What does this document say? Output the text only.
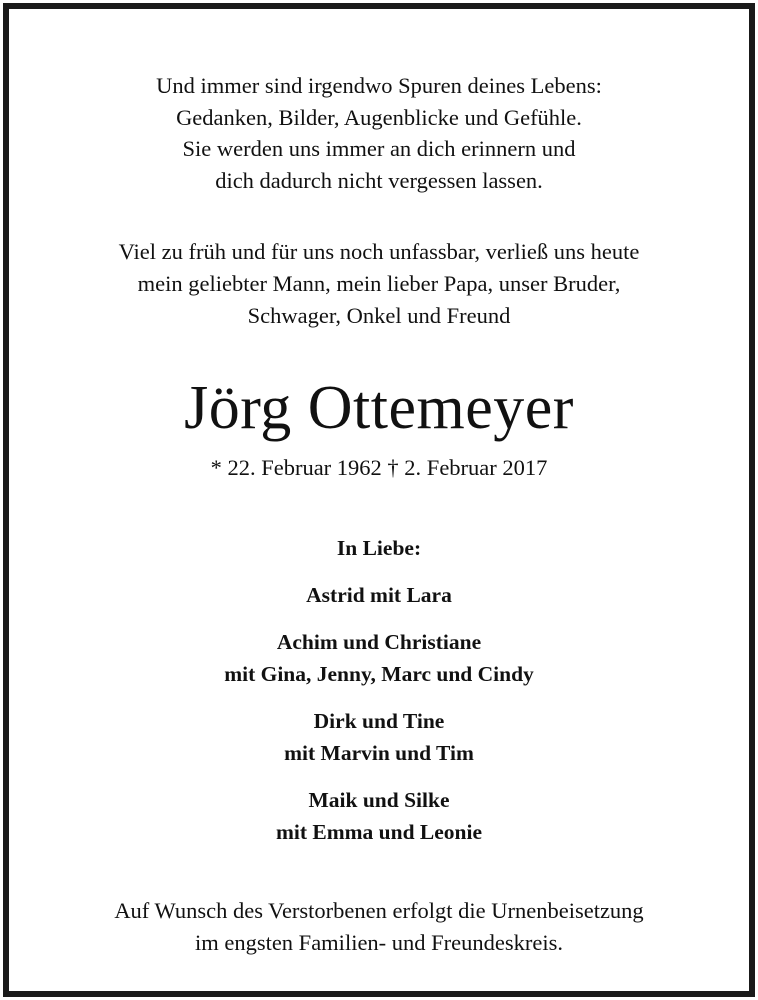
Und immer sind irgendwo Spuren deines Lebens:
Gedanken, Bilder, Augenblicke und Gefühle.
Sie werden uns immer an dich erinnern und
dich dadurch nicht vergessen lassen.
Viel zu früh und für uns noch unfassbar, verließ uns heute
mein geliebter Mann, mein lieber Papa, unser Bruder,
Schwager, Onkel und Freund
Jörg Ottemeyer
* 22. Februar 1962 † 2. Februar 2017
In Liebe:
Astrid mit Lara
Achim und Christiane
mit Gina, Jenny, Marc und Cindy
Dirk und Tine
mit Marvin und Tim
Maik und Silke
mit Emma und Leonie
Auf Wunsch des Verstorbenen erfolgt die Urnenbeisetzung
im engsten Familien- und Freundeskreis.
